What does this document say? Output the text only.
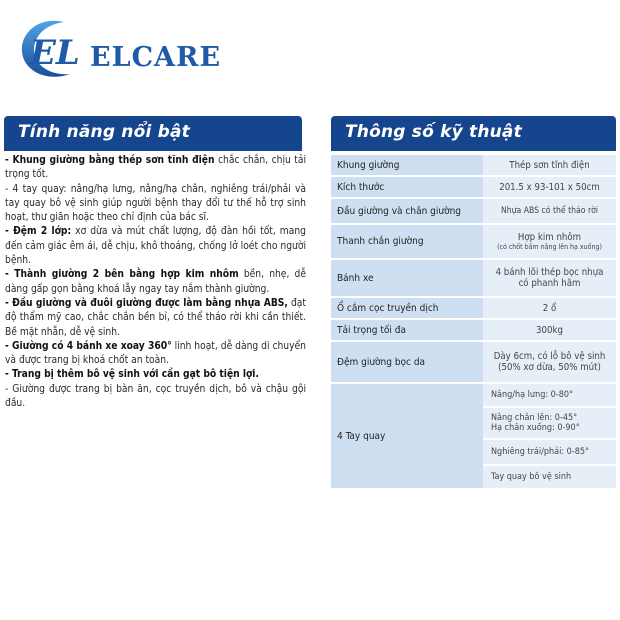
EL ELCARE
Tính năng nổi bật	Thông số kỹ thuật

- Khung giường bằng thép sơn tĩnh điện chắc chắn, chịu tải trọng tốt.

- 4 tay quay: nâng/hạ lưng, nâng/hạ chân, nghiêng trái/phải và tay quay bô vệ sinh giúp người bệnh thay đổi tư thế hỗ trợ sinh hoạt, thư giãn hoặc theo chỉ định của bác sĩ.

- Đệm 2 lớp: xơ dừa và mút chất lượng, độ đàn hồi tốt, mang đến cảm giác êm ái, dễ chịu, khô thoáng, chống lở loét cho người bệnh.

- Thành giường 2 bên bằng hợp kim nhôm bền, nhẹ, dễ dàng gấp gọn bằng khoá lẫy ngay tay nắm thành giường.

- Đầu giường và đuôi giường được làm bằng nhựa ABS, đạt độ thẩm mỹ cao, chắc chắn bền bỉ, có thể tháo rời khi cần thiết. Bề mặt nhẵn, dễ vệ sinh.

- Giường có 4 bánh xe xoay 360° linh hoạt, dễ dàng di chuyển và được trang bị khoá chốt an toàn.

- Trang bị thêm bô vệ sinh với cần gạt bô tiện lợi.

- Giường được trang bị bàn ăn, cọc truyền dịch, bô và chậu gội đầu.

Khung giường	Thép sơn tĩnh điện
Kích thước	201.5 x 93-101 x 50cm
Đầu giường và chân giường	Nhựa ABS có thể tháo rời
Thanh chắn giường	Hợp kim nhôm
(có chốt bấm nâng lên hạ xuống)

Bánh xe	4 bánh lõi thép bọc nhựa
có phanh hãm

Ổ cắm cọc truyền dịch	2 ổ
Tải trọng tối đa	300kg
Đệm giường bọc da	Dày 6cm, có lỗ bô vệ sinh
(50% xơ dừa, 50% mút)

4 Tay quay	Nâng/hạ lưng: 0-80°

	Nâng chân lên: 0-45°
Hạ chân xuống: 0-90°

	Nghiêng trái/phải: 0-85°
	Tay quay bô vệ sinh
